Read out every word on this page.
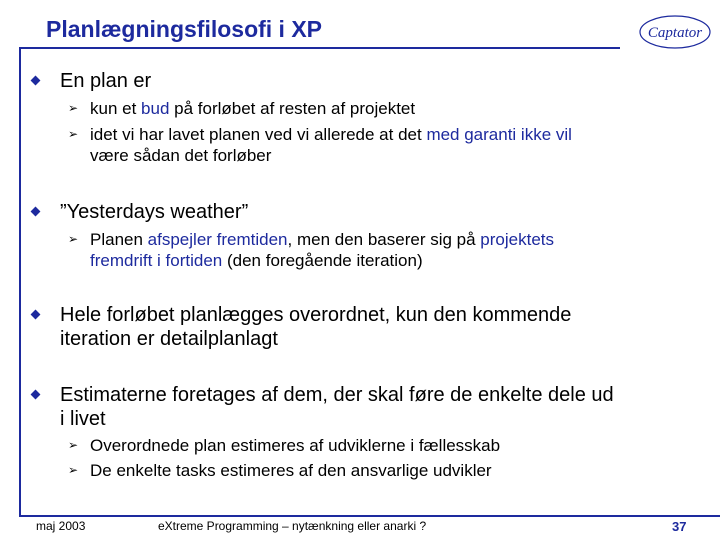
Planlægningsfilosofi i XP	Captator
En plan er
➢ kun et bud på forløbet af resten af projektet
➢ idet vi har lavet planen ved vi allerede at det med garanti ikke vil
være sådan det forløber
”Yesterdays weather”
➢ Planen afspejler fremtiden, men den baserer sig på projektets
fremdrift i fortiden (den foregående iteration)
Hele forløbet planlægges overordnet, kun den kommende
iteration er detailplanlagt
Estimaterne foretages af dem, der skal føre de enkelte dele ud
i livet
➢ Overordnede plan estimeres af udviklerne i fællesskab
➢ De enkelte tasks estimeres af den ansvarlige udvikler
maj 2003	eXtreme Programming – nytænkning eller anarki ?	37
